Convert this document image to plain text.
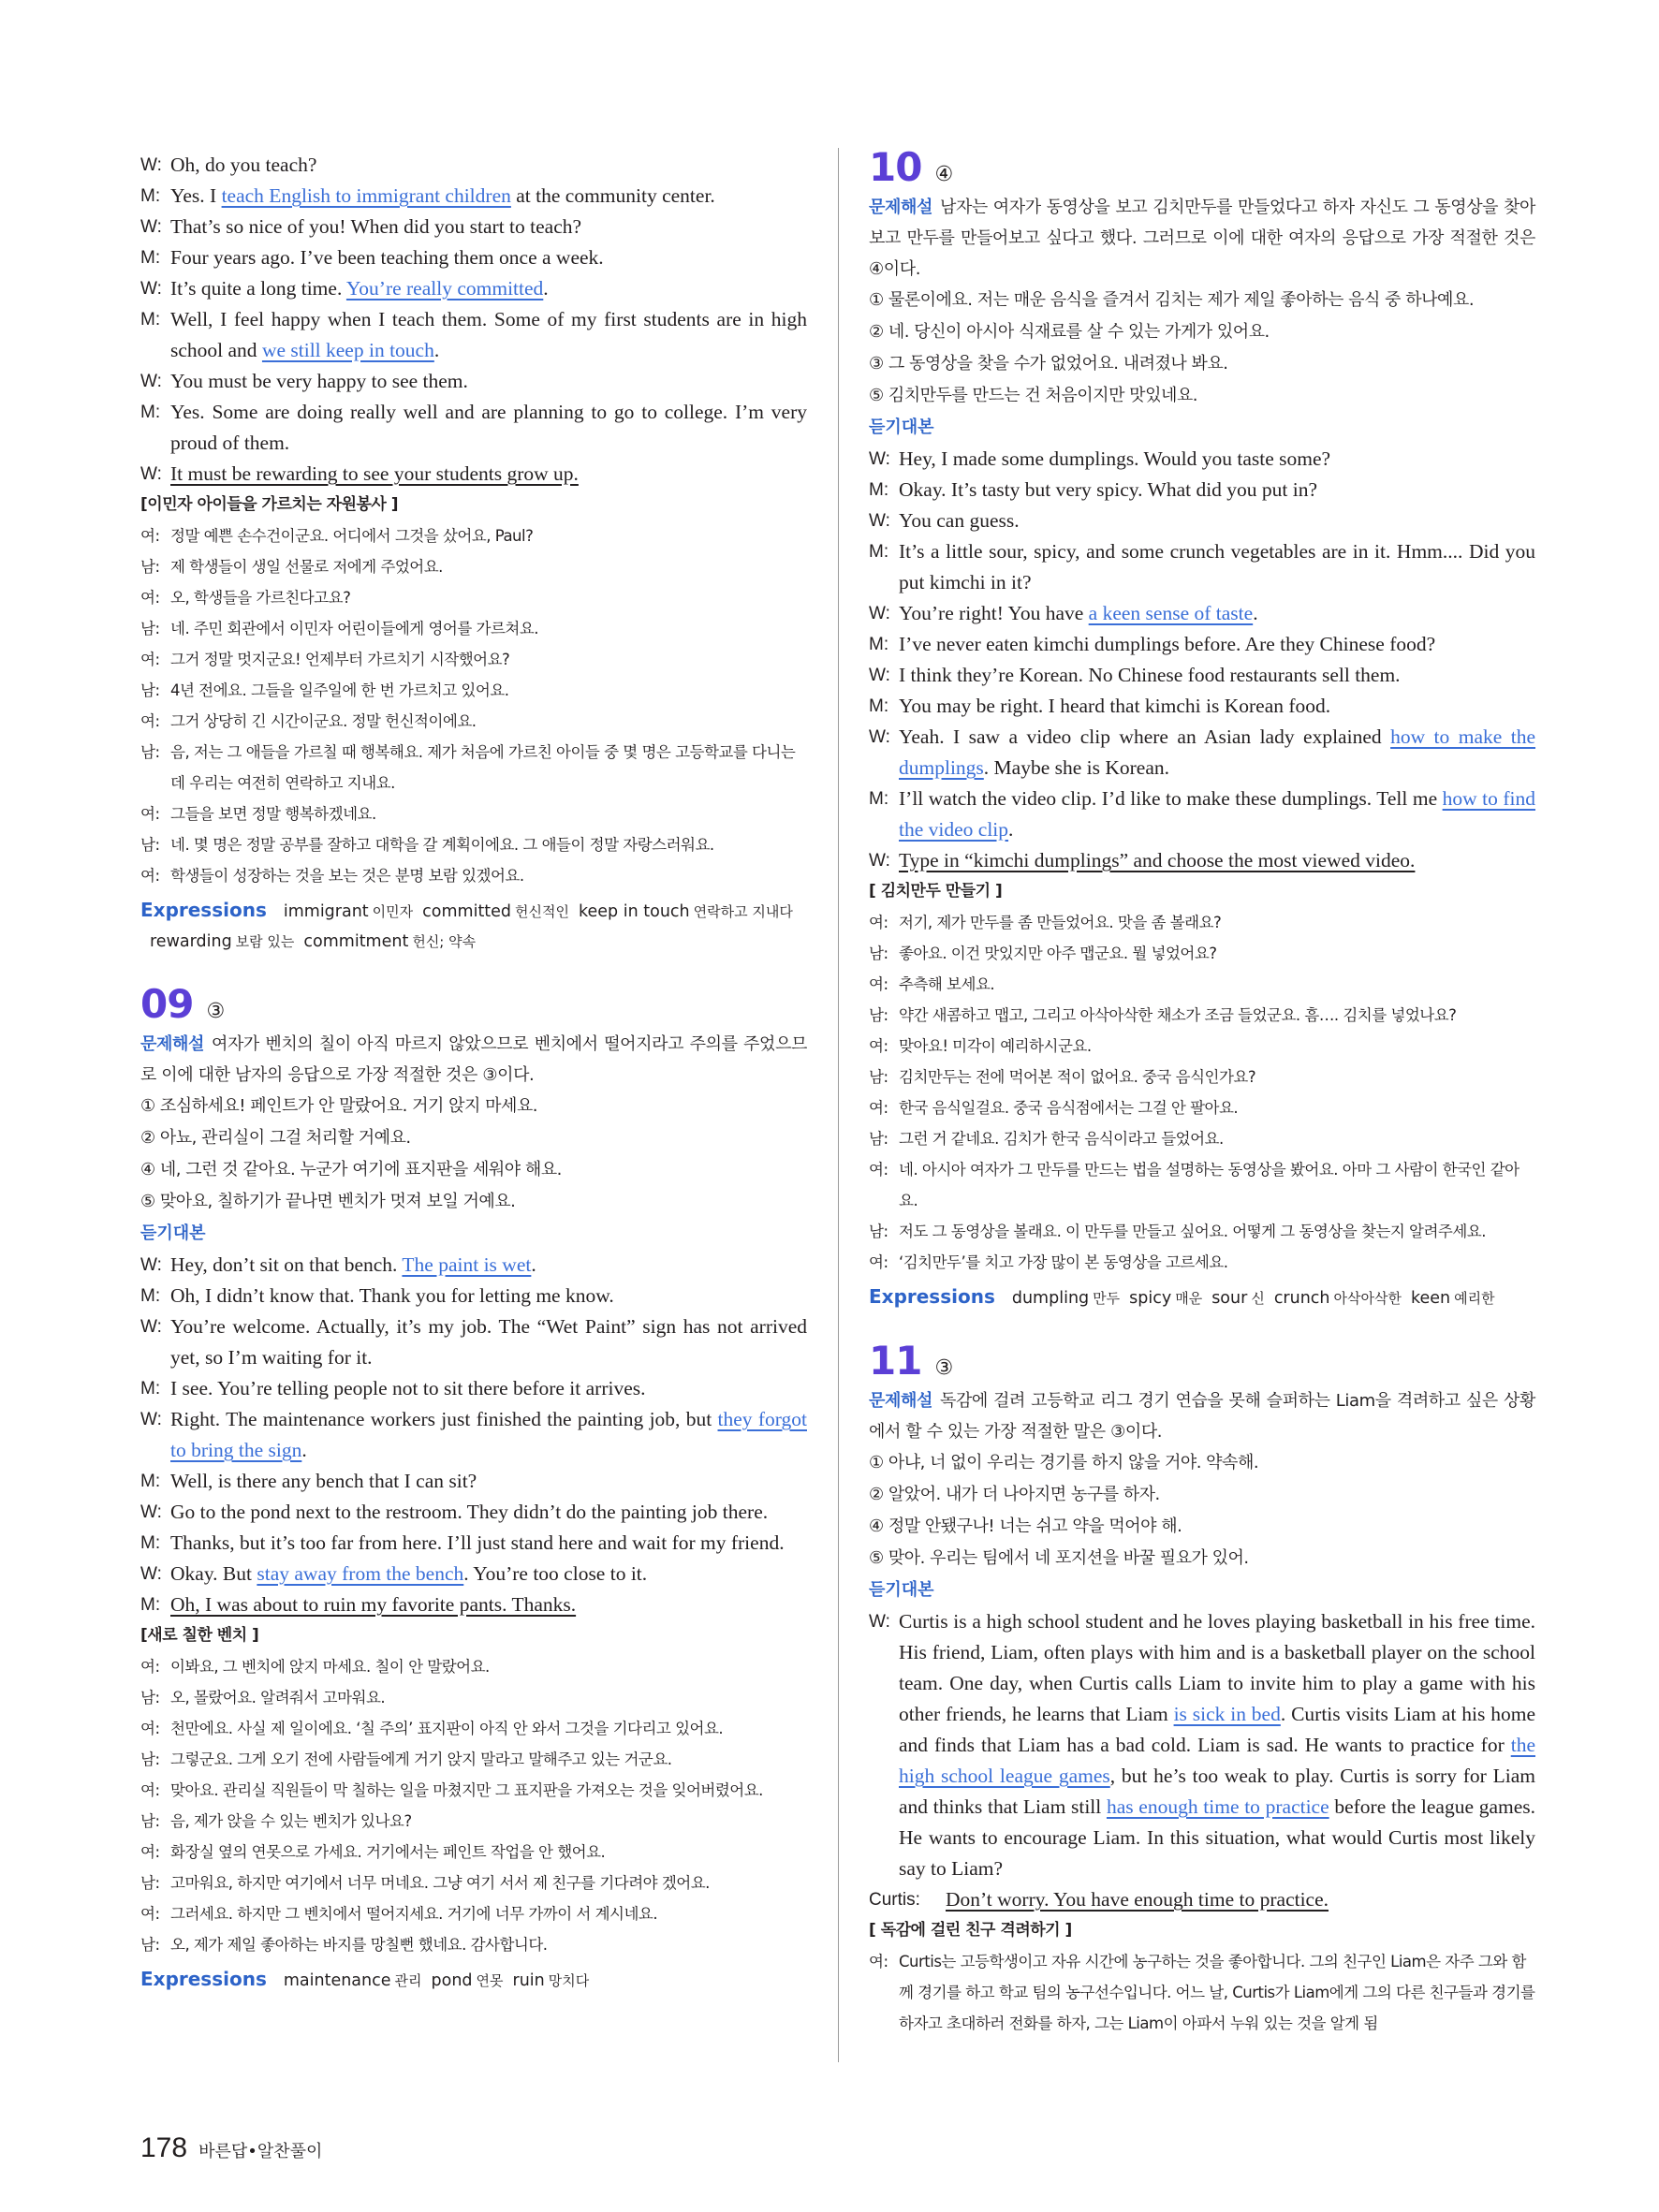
W: Oh, do you teach?
M: Yes. I teach English to immigrant children at the community center.
W: That’s so nice of you! When did you start to teach?
M: Four years ago. I’ve been teaching them once a week.
W: It’s quite a long time. You’re really committed.
M: Well, I feel happy when I teach them. Some of my first students are in high school and we still keep in touch.
W: You must be very happy to see them.
M: Yes. Some are doing really well and are planning to go to college. I’m very proud of them.
W: It must be rewarding to see your students grow up.
[이민자 아이들을 가르치는 자원봉사 ]
여: 정말 예쁜 손수건이군요. 어디에서 그것을 샀어요, Paul?
남: 제 학생들이 생일 선물로 저에게 주었어요.
여: 오, 학생들을 가르친다고요?
남: 네. 주민 회관에서 이민자 어린이들에게 영어를 가르쳐요.
여: 그거 정말 멋지군요! 언제부터 가르치기 시작했어요?
남: 4년 전에요. 그들을 일주일에 한 번 가르치고 있어요.
여: 그거 상당히 긴 시간이군요. 정말 헌신적이에요.
남: 음, 저는 그 애들을 가르칠 때 행복해요. 제가 처음에 가르친 아이들 중 몇 명은 고등학교를 다니는데 우리는 여전히 연락하고 지내요.
여: 그들을 보면 정말 행복하겠네요.
남: 네. 몇 명은 정말 공부를 잘하고 대학을 갈 계획이에요. 그 애들이 정말 자랑스러워요.
여: 학생들이 성장하는 것을 보는 것은 분명 보람 있겠어요.
Expressions immigrant 이민자 committed 헌신적인 keep in touch 연락하고 지내다rewarding 보람 있는 commitment 헌신; 약속
09 ③
문제해설 여자가 벤치의 칠이 아직 마르지 않았으므로 벤치에서 떨어지라고 주의를 주었으므로 이에 대한 남자의 응답으로 가장 적절한 것은 ③이다.
① 조심하세요! 페인트가 안 말랐어요. 거기 앉지 마세요.
② 아뇨, 관리실이 그걸 처리할 거예요.
④ 네, 그런 것 같아요. 누군가 여기에 표지판을 세워야 해요.
⑤ 맞아요, 칠하기가 끝나면 벤치가 멋져 보일 거예요.
듣기대본
W: Hey, don’t sit on that bench. The paint is wet.
M: Oh, I didn’t know that. Thank you for letting me know.
W: You’re welcome. Actually, it’s my job. The “Wet Paint” sign has not arrived yet, so I’m waiting for it.
M: I see. You’re telling people not to sit there before it arrives.
W: Right. The maintenance workers just finished the painting job, but they forgot to bring the sign.
M: Well, is there any bench that I can sit?
W: Go to the pond next to the restroom. They didn’t do the painting job there.
M: Thanks, but it’s too far from here. I’ll just stand here and wait for my friend.
W: Okay. But stay away from the bench. You’re too close to it.
M: Oh, I was about to ruin my favorite pants. Thanks.
[새로 칠한 벤치 ]
여: 이봐요, 그 벤치에 앉지 마세요. 칠이 안 말랐어요.
남: 오, 몰랐어요. 알려줘서 고마워요.
여: 천만에요. 사실 제 일이에요. ‘칠 주의’ 표지판이 아직 안 와서 그것을 기다리고 있어요.
남: 그렇군요. 그게 오기 전에 사람들에게 거기 앉지 말라고 말해주고 있는 거군요.
여: 맞아요. 관리실 직원들이 막 칠하는 일을 마쳤지만 그 표지판을 가져오는 것을 잊어버렸어요.
남: 음, 제가 앉을 수 있는 벤치가 있나요?
여: 화장실 옆의 연못으로 가세요. 거기에서는 페인트 작업을 안 했어요.
남: 고마워요, 하지만 여기에서 너무 머네요. 그냥 여기 서서 제 친구를 기다려야 겠어요.
여: 그러세요. 하지만 그 벤치에서 떨어지세요. 거기에 너무 가까이 서 계시네요.
남: 오, 제가 제일 좋아하는 바지를 망칠뻔 했네요. 감사합니다.
Expressions maintenance 관리 pond 연못 ruin 망치다
10 ④
문제해설 남자는 여자가 동영상을 보고 김치만두를 만들었다고 하자 자신도 그 동영상을 찾아보고 만두를 만들어보고 싶다고 했다. 그러므로 이에 대한 여자의 응답으로 가장 적절한 것은 ④이다.
① 물론이에요. 저는 매운 음식을 즐겨서 김치는 제가 제일 좋아하는 음식 중 하나예요.
② 네. 당신이 아시아 식재료를 살 수 있는 가게가 있어요.
③ 그 동영상을 찾을 수가 없었어요. 내려졌나 봐요.
⑤ 김치만두를 만드는 건 처음이지만 맛있네요.
듣기대본
W: Hey, I made some dumplings. Would you taste some?
M: Okay. It’s tasty but very spicy. What did you put in?
W: You can guess.
M: It’s a little sour, spicy, and some crunch vegetables are in it. Hmm.... Did you put kimchi in it?
W: You’re right! You have a keen sense of taste.
M: I’ve never eaten kimchi dumplings before. Are they Chinese food?
W: I think they’re Korean. No Chinese food restaurants sell them.
M: You may be right. I heard that kimchi is Korean food.
W: Yeah. I saw a video clip where an Asian lady explained how to make the dumplings. Maybe she is Korean.
M: I’ll watch the video clip. I’d like to make these dumplings. Tell me how to find the video clip.
W: Type in “kimchi dumplings” and choose the most viewed video.
[ 김치만두 만들기 ]
여: 저기, 제가 만두를 좀 만들었어요. 맛을 좀 볼래요?
남: 좋아요. 이건 맛있지만 아주 맵군요. 뭘 넣었어요?
여: 추측해 보세요.
남: 약간 새콤하고 맵고, 그리고 아삭아삭한 채소가 조금 들었군요. 흠…. 김치를 넣었나요?
여: 맞아요! 미각이 예리하시군요.
남: 김치만두는 전에 먹어본 적이 없어요. 중국 음식인가요?
여: 한국 음식일걸요. 중국 음식점에서는 그걸 안 팔아요.
남: 그런 거 같네요. 김치가 한국 음식이라고 들었어요.
여: 네. 아시아 여자가 그 만두를 만드는 법을 설명하는 동영상을 봤어요. 아마 그 사람이 한국인 같아요.
남: 저도 그 동영상을 볼래요. 이 만두를 만들고 싶어요. 어떻게 그 동영상을 찾는지 알려주세요.
여: ‘김치만두’를 치고 가장 많이 본 동영상을 고르세요.
Expressions dumpling 만두 spicy 매운 sour 신 crunch 아삭아삭한 keen 예리한
11 ③
문제해설 독감에 걸려 고등학교 리그 경기 연습을 못해 슬퍼하는 Liam을 격려하고 싶은 상황에서 할 수 있는 가장 적절한 말은 ③이다.
① 아냐, 너 없이 우리는 경기를 하지 않을 거야. 약속해.
② 알았어. 내가 더 나아지면 농구를 하자.
④ 정말 안됐구나! 너는 쉬고 약을 먹어야 해.
⑤ 맞아. 우리는 팀에서 네 포지션을 바꿀 필요가 있어.
듣기대본
W: Curtis is a high school student and he loves playing basketball in his free time. His friend, Liam, often plays with him and is a basketball player on the school team. One day, when Curtis calls Liam to invite him to play a game with his other friends, he learns that Liam is sick in bed. Curtis visits Liam at his home and finds that Liam has a bad cold. Liam is sad. He wants to practice for the high school league games, but he’s too weak to play. Curtis is sorry for Liam and thinks that Liam still has enough time to practice before the league games. He wants to encourage Liam. In this situation, what would Curtis most likely say to Liam?
Curtis:	Don’t worry. You have enough time to practice.
[ 독감에 걸린 친구 격려하기 ]
여: Curtis는 고등학생이고 자유 시간에 농구하는 것을 좋아합니다. 그의 친구인 Liam은 자주 그와 함께 경기를 하고 학교 팀의 농구선수입니다. 어느 날, Curtis가 Liam에게 그의 다른 친구들과 경기를 하자고 초대하러 전화를 하자, 그는 Liam이 아파서 누워 있는 것을 알게 됨
178 바른답•알찬풀이
